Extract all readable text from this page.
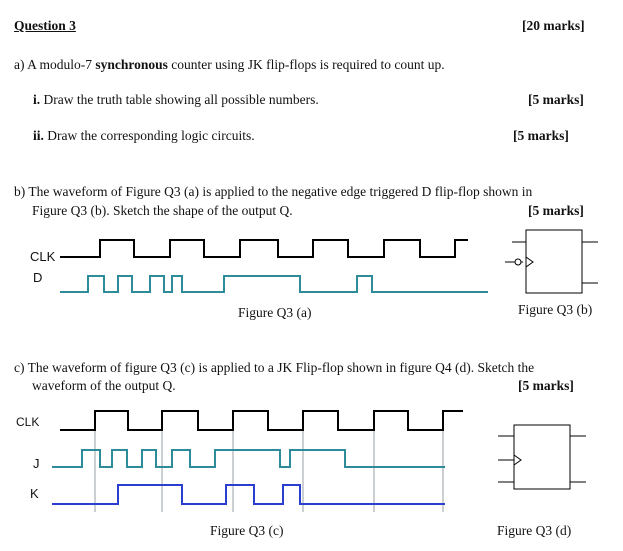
Question 3	[20 marks]
a) A modulo-7 synchronous counter using JK flip-flops is required to count up.
i. Draw the truth table showing all possible numbers.	[5 marks]
ii. Draw the corresponding logic circuits.	[5 marks]
b) The waveform of Figure Q3 (a) is applied to the negative edge triggered D flip-flop shown in
Figure Q3 (b). Sketch the shape of the output Q.	[5 marks]
CLK
D
Figure Q3 (a)	Figure Q3 (b)
c) The waveform of figure Q3 (c) is applied to a JK Flip-flop shown in figure Q4 (d). Sketch the
waveform of the output Q.	[5 marks]
CLK
J
K
Figure Q3 (c)	Figure Q3 (d)
